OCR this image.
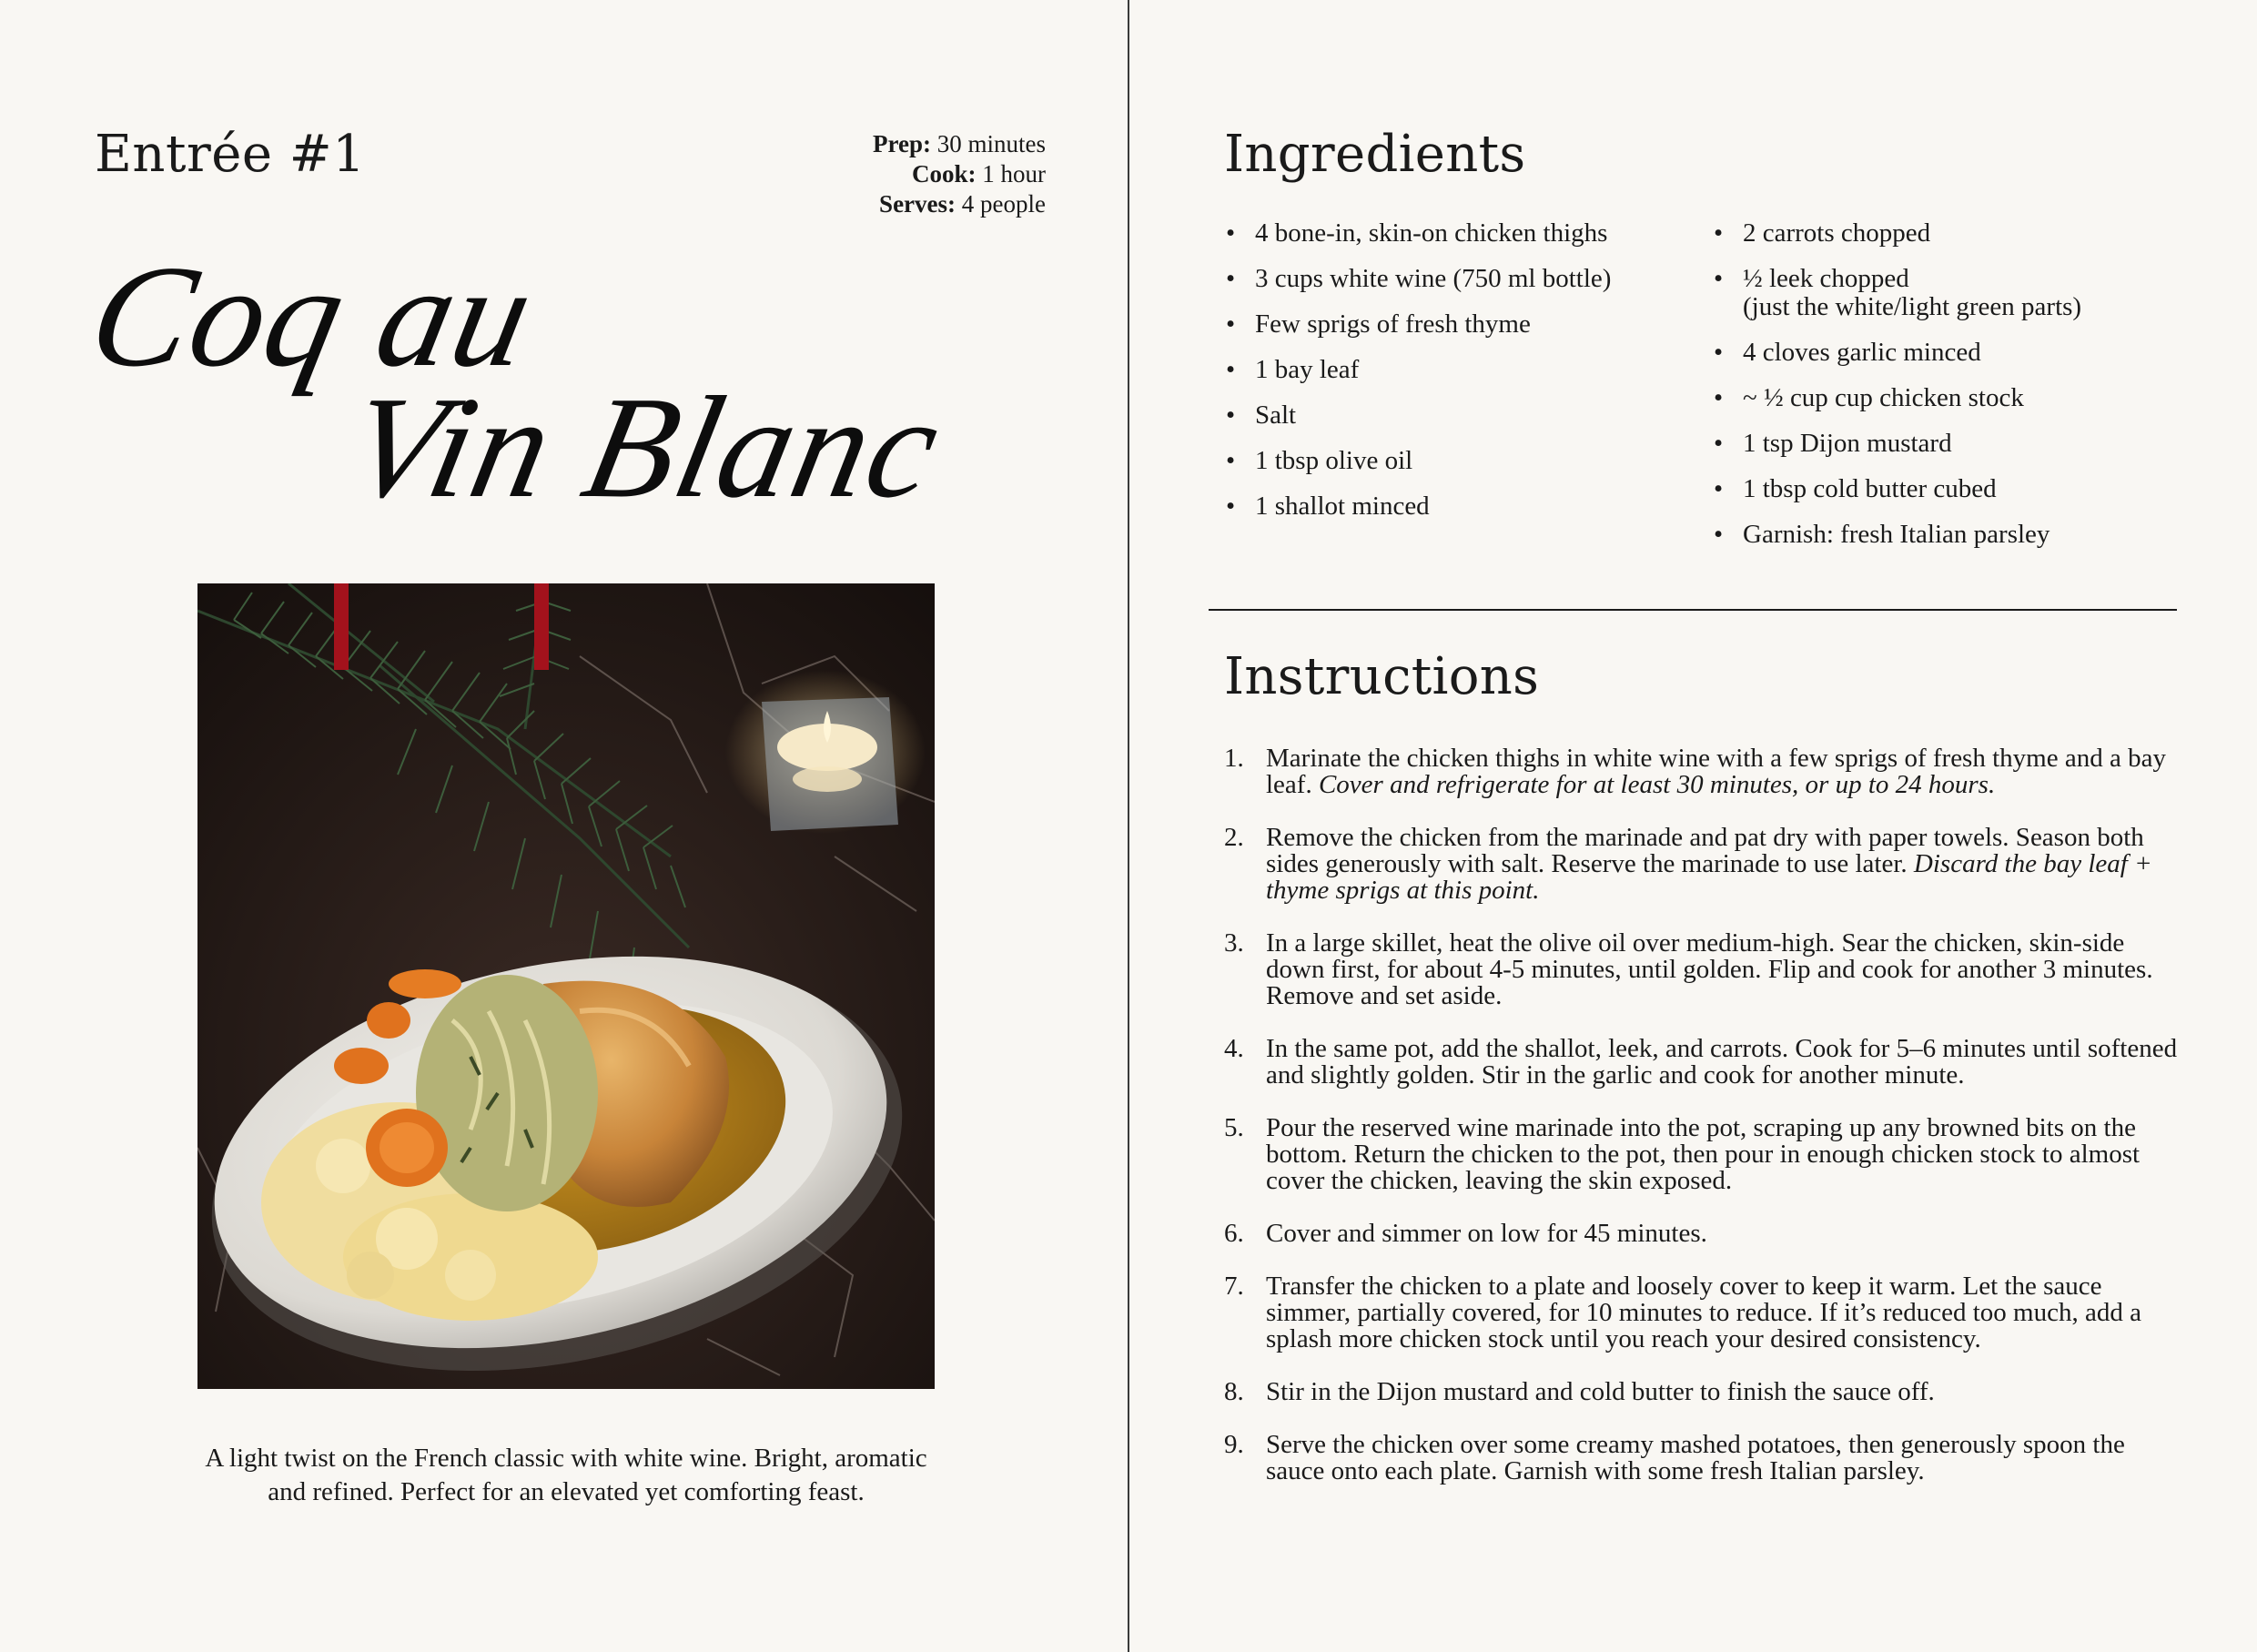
Entrée #1	Prep: 30 minutes
Cook: 1 hour
Serves: 4 people
Coq au
Vin Blanc
A light twist on the French classic with white wine. Bright, aromatic and refined. Perfect for an elevated yet comforting feast.
Ingredients
• 4 bone-in, skin-on chicken thighs
• 3 cups white wine (750 ml bottle)
• Few sprigs of fresh thyme
• 1 bay leaf
• Salt
• 1 tbsp olive oil
• 1 shallot minced
• 2 carrots chopped
• ½ leek chopped
(just the white/light green parts)
• 4 cloves garlic minced
• ~ ½ cup cup chicken stock
• 1 tsp Dijon mustard
• 1 tbsp cold butter cubed
• Garnish: fresh Italian parsley
Instructions
1. Marinate the chicken thighs in white wine with a few sprigs of fresh thyme and a bay leaf. Cover and refrigerate for at least 30 minutes, or up to 24 hours.
2. Remove the chicken from the marinade and pat dry with paper towels. Season both sides generously with salt. Reserve the marinade to use later. Discard the bay leaf + thyme sprigs at this point.
3. In a large skillet, heat the olive oil over medium-high. Sear the chicken, skin-side down first, for about 4-5 minutes, until golden. Flip and cook for another 3 minutes. Remove and set aside.
4. In the same pot, add the shallot, leek, and carrots. Cook for 5–6 minutes until softened and slightly golden. Stir in the garlic and cook for another minute.
5. Pour the reserved wine marinade into the pot, scraping up any browned bits on the bottom. Return the chicken to the pot, then pour in enough chicken stock to almost cover the chicken, leaving the skin exposed.
6. Cover and simmer on low for 45 minutes.
7. Transfer the chicken to a plate and loosely cover to keep it warm. Let the sauce simmer, partially covered, for 10 minutes to reduce. If it’s reduced too much, add a splash more chicken stock until you reach your desired consistency.
8. Stir in the Dijon mustard and cold butter to finish the sauce off.
9. Serve the chicken over some creamy mashed potatoes, then generously spoon the sauce onto each plate. Garnish with some fresh Italian parsley.
